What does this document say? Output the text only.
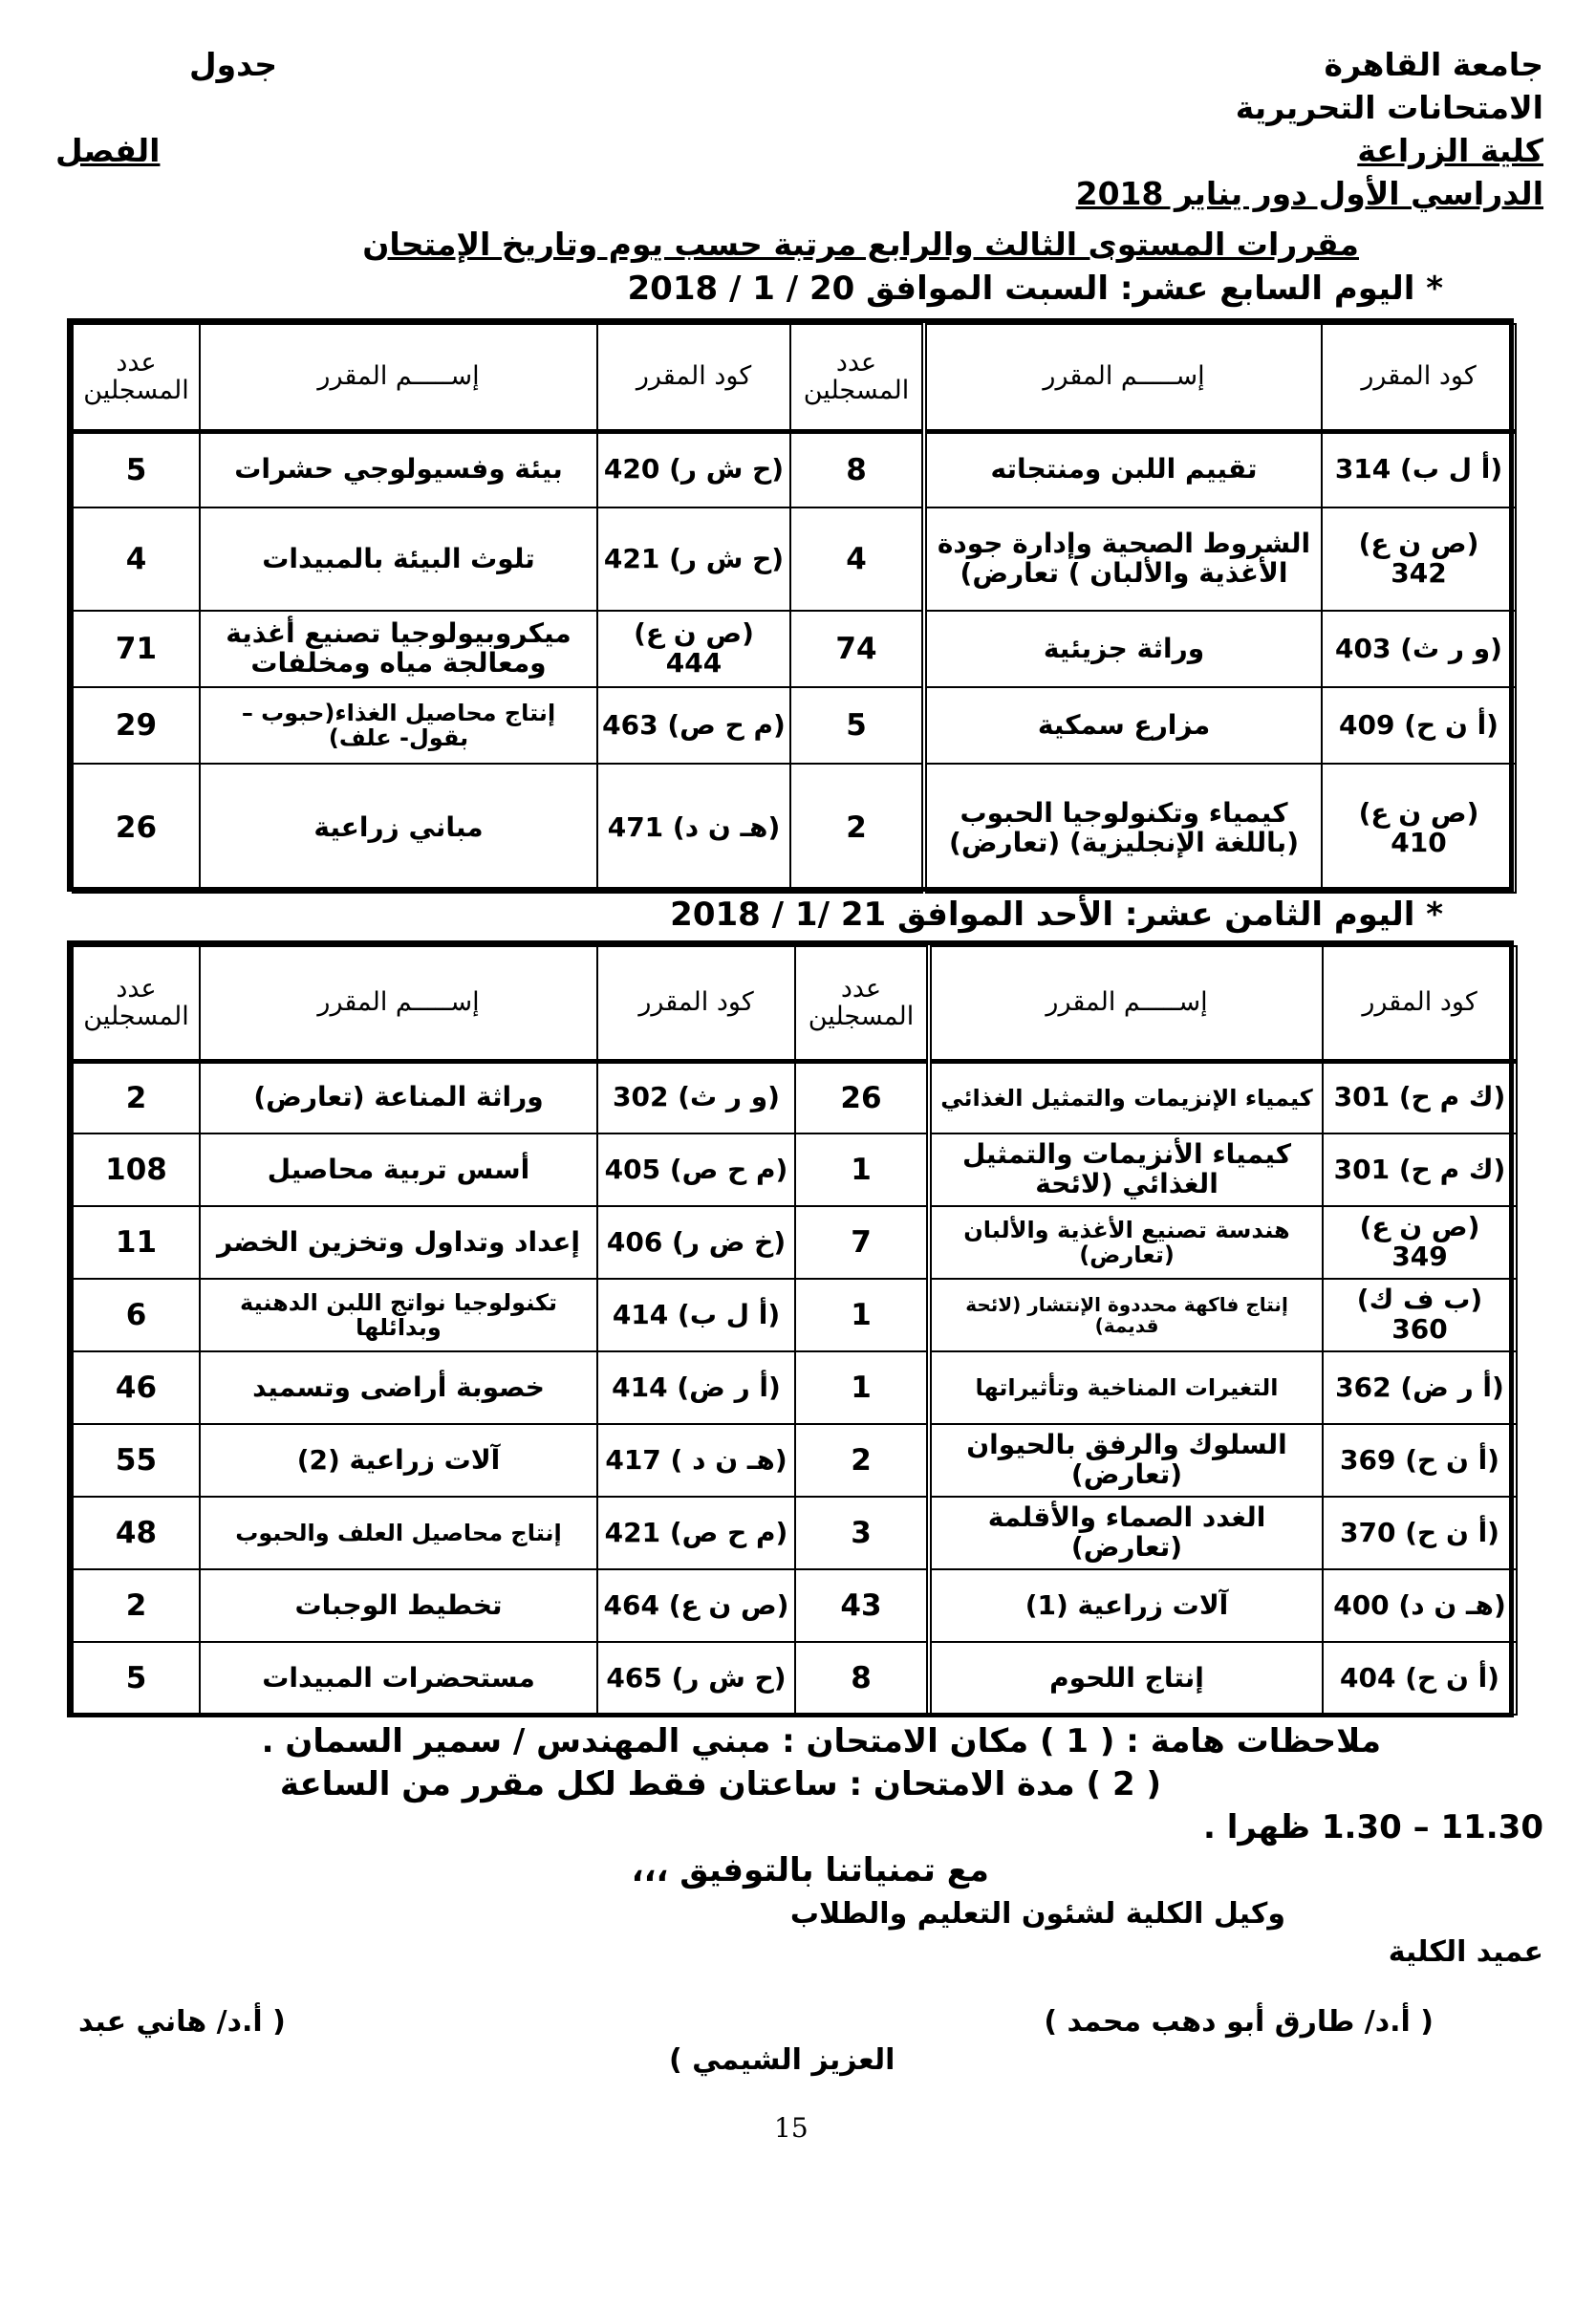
جامعة القاهرة
جدول
الامتحانات التحريرية
كلية الزراعة
الفصل
الدراسي الأول دور يناير 2018
مقررات المستوى الثالث والرابع مرتبة حسب يوم وتاريخ الإمتحان
* اليوم السابع عشر: السبت الموافق 20 / 1 / 2018
كود المقرر	إســـــم المقرر	عدد المسجلين	كود المقرر	إســـــم المقرر	عدد المسجلين
(أ ل ب) 314	تقييم اللبن ومنتجاته	8	(ح ش ر) 420	بيئة وفسيولوجي حشرات	5
(ص ن ع) 342	الشروط الصحية وإدارة جودة الأغذية والألبان ) تعارض)	4	(ح ش ر) 421	تلوث البيئة بالمبيدات	4
(و ر ث) 403	وراثة جزيئية	74	(ص ن ع) 444	ميكروبيولوجيا تصنيع أغذية ومعالجة مياه ومخلفات	71
(أ ن ح) 409	مزارع سمكية	5	(م ح ص) 463	إنتاج محاصيل الغذاء(حبوب – بقول- علف)	29
(ص ن ع) 410	كيمياء وتكنولوجيا الحبوب (باللغة الإنجليزية) (تعارض)	2	(هـ ن د) 471	مباني زراعية	26
* اليوم الثامن عشر: الأحد الموافق 21 /1 / 2018
كود المقرر	إســـــم المقرر	عدد المسجلين	كود المقرر	إســـــم المقرر	عدد المسجلين
(ك م ح) 301	كيمياء الإنزيمات والتمثيل الغذائي	26	(و ر ث) 302	وراثة المناعة (تعارض)	2
(ك م ح) 301	كيمياء الأنزيمات والتمثيل الغذائي (لائحة	1	(م ح ص) 405	أسس تربية محاصيل	108
(ص ن ع) 349	هندسة تصنيع الأغذية والألبان (تعارض)	7	(خ ض ر) 406	إعداد وتداول وتخزين الخضر	11
(ب ف ك) 360	إنتاج فاكهة محددوة الإنتشار (لائحة قديمة)	1	(أ ل ب) 414	تكنولوجيا نواتج اللبن الدهنية وبدائلها	6
(أ ر ض) 362	التغيرات المناخية وتأثيراتها	1	(أ ر ض) 414	خصوبة أراضى وتسميد	46
(أ ن ح) 369	السلوك والرفق بالحيوان (تعارض)	2	(هـ ن د ) 417	آلات زراعية (2)	55
(أ ن ح) 370	الغدد الصماء والأقلمة (تعارض)	3	(م ح ص) 421	إنتاج محاصيل العلف والحبوب	48
(هـ ن د) 400	آلات زراعية (1)	43	(ص ن ع) 464	تخطيط الوجبات	2
(أ ن ح) 404	إنتاج اللحوم	8	(ح ش ر) 465	مستحضرات المبيدات	5
ملاحظات هامة : ( 1 ) مكان الامتحان : مبني المهندس / سمير السمان .
( 2 ) مدة الامتحان : ساعتان فقط لكل مقرر من الساعة
11.30 – 1.30 ظهرا .
مع تمنياتنا بالتوفيق ،،،
وكيل الكلية لشئون التعليم والطلاب
عميد الكلية
( أ.د/ طارق أبو دهب محمد )
( أ.د/ هاني عبد
العزيز الشيمي )
15
